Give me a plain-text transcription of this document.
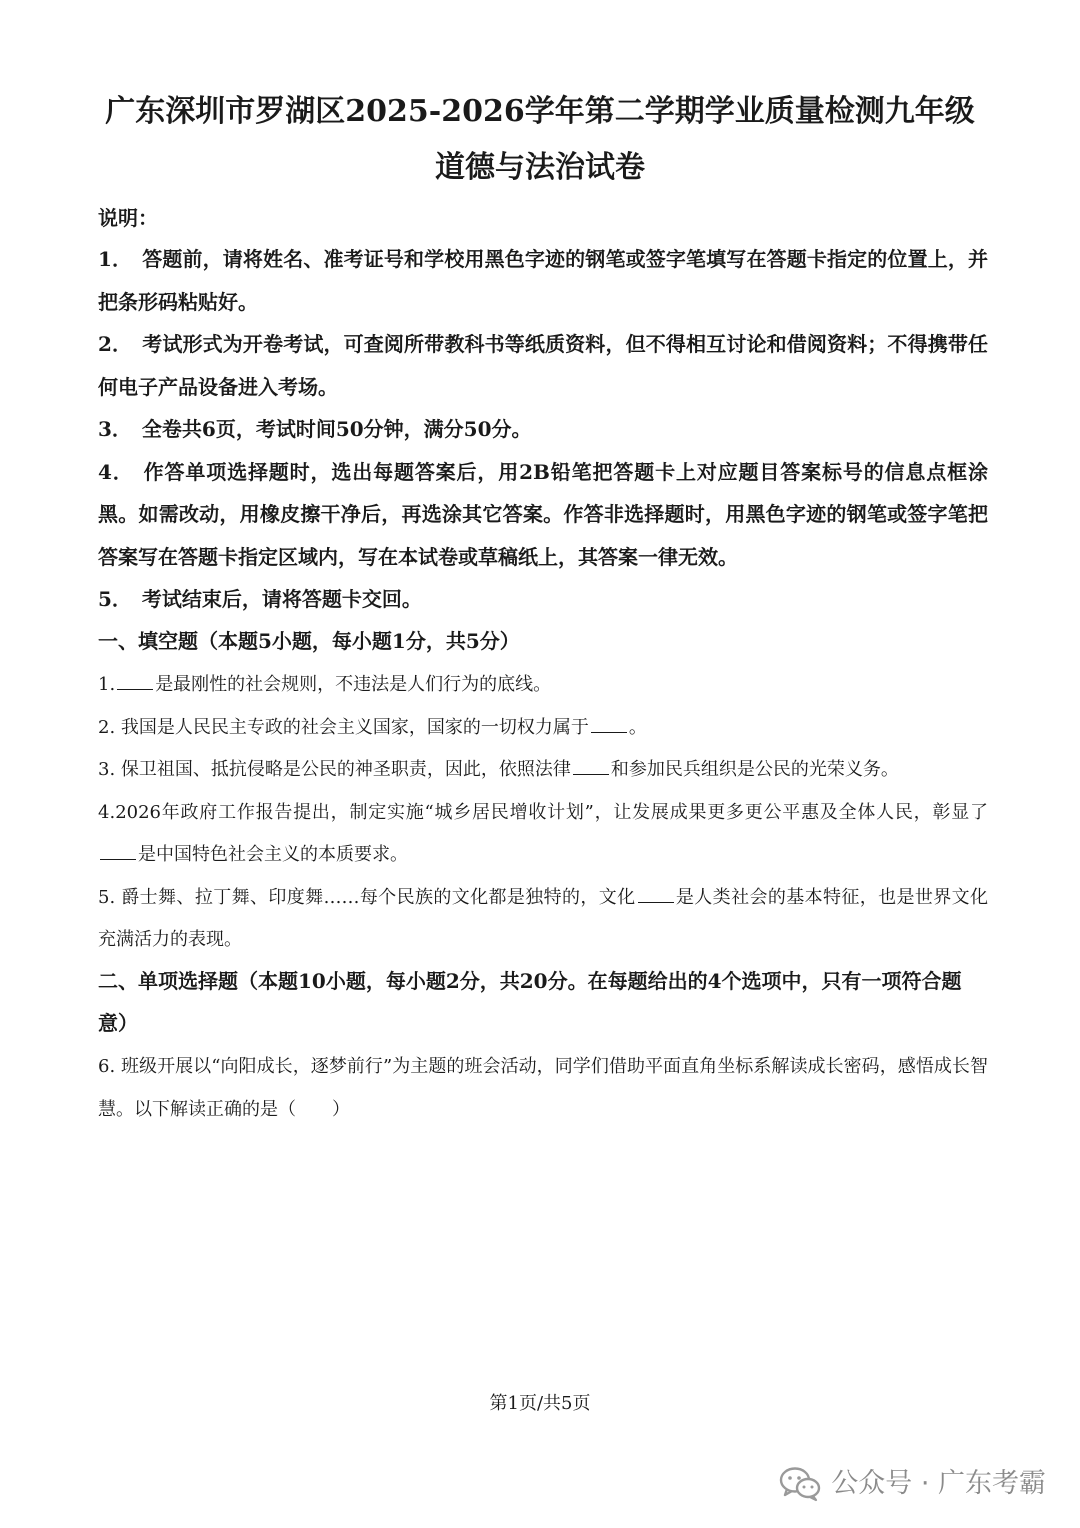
广东深圳市罗湖区2025-2026学年第二学期学业质量检测九年级
道德与法治试卷
说明：
1． 答题前，请将姓名、准考证号和学校用黑色字迹的钢笔或签字笔填写在答题卡指定的位置上，并把条形码粘贴好。
2． 考试形式为开卷考试，可查阅所带教科书等纸质资料，但不得相互讨论和借阅资料；不得携带任何电子产品设备进入考场。
3． 全卷共6页，考试时间50分钟，满分50分。
4． 作答单项选择题时，选出每题答案后，用2B铅笔把答题卡上对应题目答案标号的信息点框涂黑。如需改动，用橡皮擦干净后，再选涂其它答案。作答非选择题时，用黑色字迹的钢笔或签字笔把答案写在答题卡指定区域内，写在本试卷或草稿纸上，其答案一律无效。
5． 考试结束后，请将答题卡交回。
一、填空题（本题5小题，每小题1分，共5分）
1. 是最刚性的社会规则，不违法是人们行为的底线。
2. 我国是人民民主专政的社会主义国家，国家的一切权力属于 。
3. 保卫祖国、抵抗侵略是公民的神圣职责，因此，依照法律 和参加民兵组织是公民的光荣义务。
4.2026年政府工作报告提出，制定实施“城乡居民增收计划”，让发展成果更多更公平惠及全体人民，彰显了是中国特色社会主义的本质要求。
5. 爵士舞、拉丁舞、印度舞……每个民族的文化都是独特的，文化 是人类社会的基本特征，也是世界文化充满活力的表现。
二、单项选择题（本题10小题，每小题2分，共20分。在每题给出的4个选项中，只有一项符合题意）

6. 班级开展以“向阳成长，逐梦前行”为主题的班会活动，同学们借助平面直角坐标系解读成长密码，感悟成长智慧。以下解读正确的是（　　）

第1页/共5页
公众号 · 广东考霸
